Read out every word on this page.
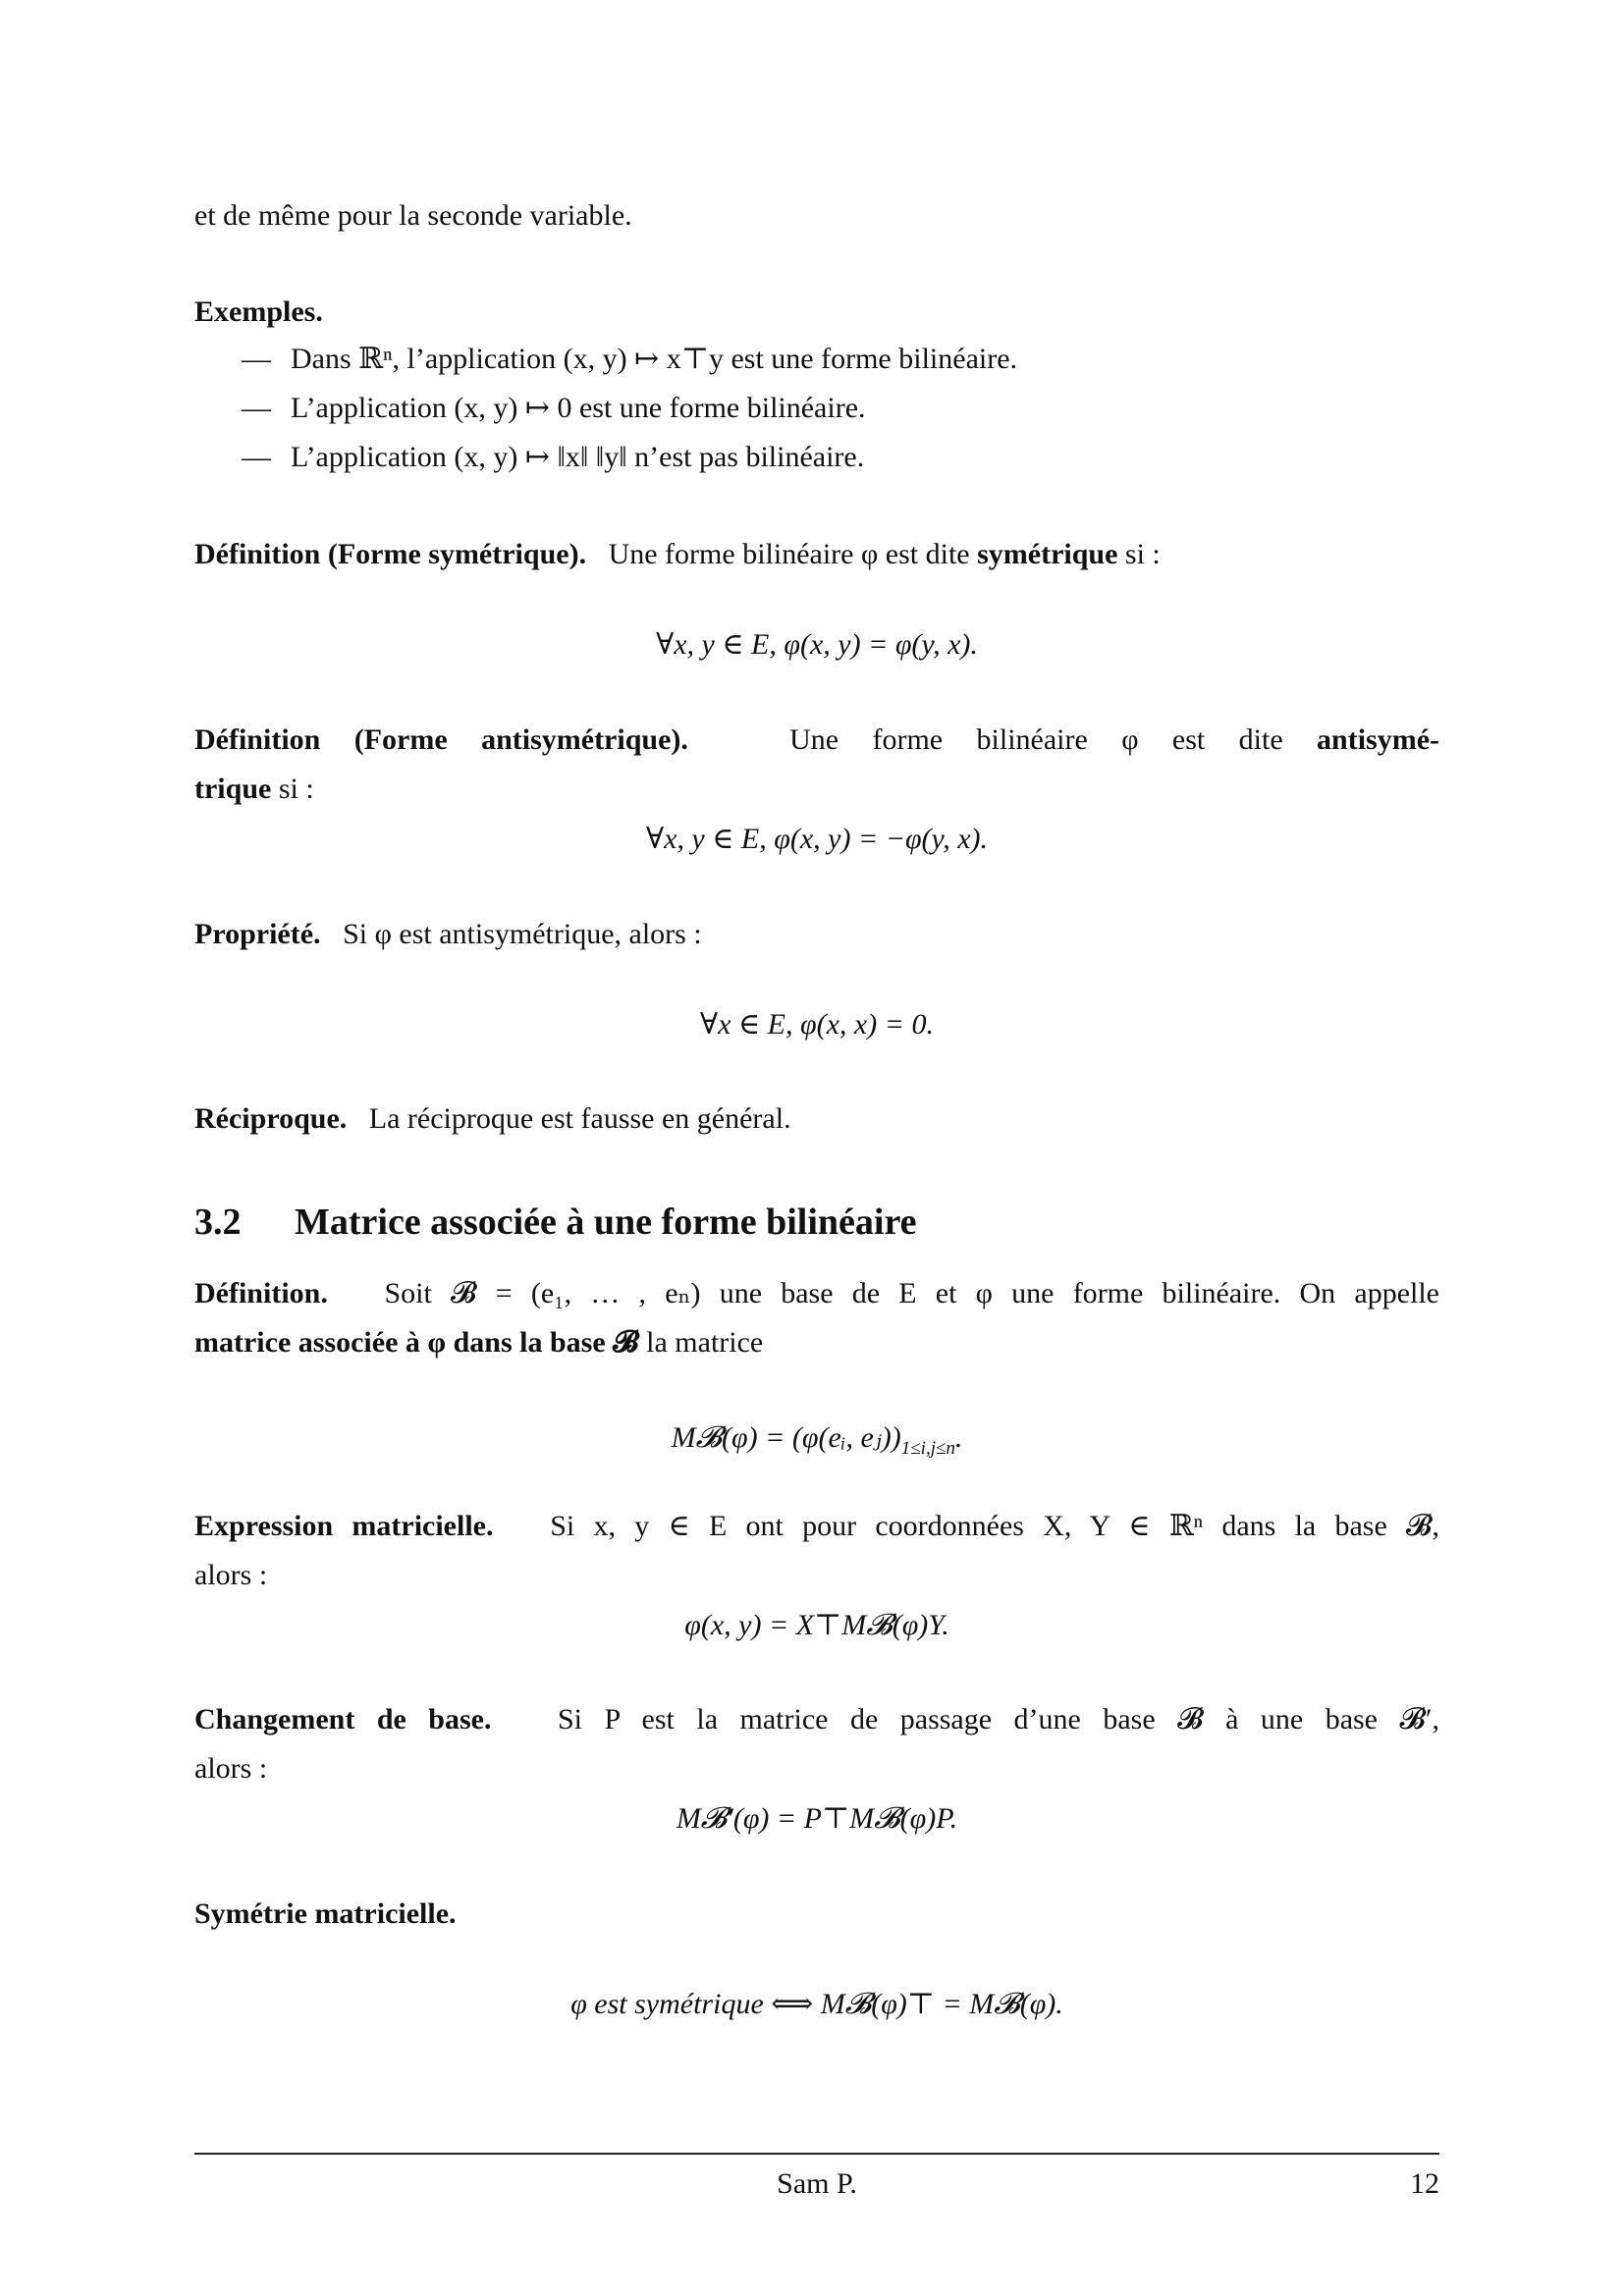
et de même pour la seconde variable.
Exemples.
— Dans ℝⁿ, l’application (x, y) ↦ x⊤y est une forme bilinéaire.
— L’application (x, y) ↦ 0 est une forme bilinéaire.
— L’application (x, y) ↦ ‖x‖ ‖y‖ n’est pas bilinéaire.
Définition (Forme symétrique). Une forme bilinéaire φ est dite symétrique si :
∀x, y ∈ E, φ(x, y) = φ(y, x).
Définition (Forme antisymétrique).	Une forme bilinéaire φ est dite antisymé-
trique si :
∀x, y ∈ E, φ(x, y) = −φ(y, x).
Propriété. Si φ est antisymétrique, alors :
∀x ∈ E, φ(x, x) = 0.
Réciproque. La réciproque est fausse en général.
3.2 Matrice associée à une forme bilinéaire
Définition. Soit 𝓑 = (e₁, … , eₙ) une base de E et φ une forme bilinéaire. On appelle
matrice associée à φ dans la base 𝓑 la matrice
M𝓑(φ) = (φ(eᵢ, $eⱼ))_{1\le i,j\le n}$.
Expression matricielle. Si x, y ∈ E ont pour coordonnées X, Y ∈ ℝⁿ dans la base 𝓑,
alors :
φ(x, y) = X⊤M𝓑(φ)Y.
Changement de base. Si P est la matrice de passage d’une base 𝓑 à une base 𝓑′,
alors :
M𝓑′(φ) = P⊤M𝓑(φ)P.
Symétrie matricielle.
φ est symétrique ⟺ M𝓑(φ)⊤ = M𝓑(φ).
Sam P.	12
